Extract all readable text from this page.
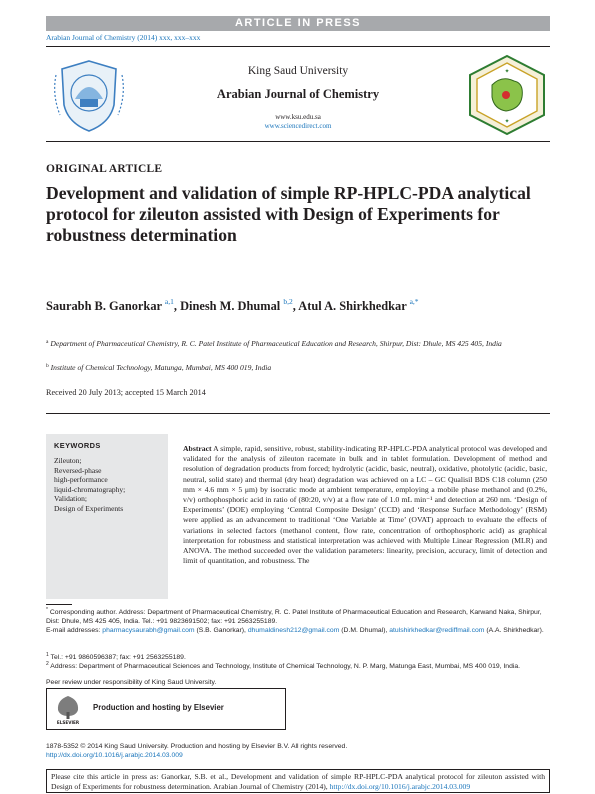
ARTICLE IN PRESS
Arabian Journal of Chemistry (2014) xxx, xxx–xxx
King Saud University
Arabian Journal of Chemistry
www.ksu.edu.sa
www.sciencedirect.com
✦
✦
ORIGINAL ARTICLE
Development and validation of simple RP-HPLC-PDA analytical protocol for zileuton assisted with Design of Experiments for robustness determination
Saurabh B. Ganorkar $^{a,1}$, Dinesh M. Dhumal $^{b,2}$, Atul A. Shirkhedkar $^{a,*}$
$^a$ Department of Pharmaceutical Chemistry, R. C. Patel Institute of Pharmaceutical Education and Research, Shirpur, Dist: Dhule, MS 425 405, India
$^b$ Institute of Chemical Technology, Matunga, Mumbai, MS 400 019, India
Received 20 July 2013; accepted 15 March 2014
KEYWORDS
Zileuton;
Reversed-phase
high-performance
liquid-chromatography;
Validation;
Design of Experiments
Abstract A simple, rapid, sensitive, robust, stability-indicating RP-HPLC-PDA analytical protocol was developed and validated for the analysis of zileuton racemate in bulk and in tablet formulation. Development of method and resolution of degradation products from forced; hydrolytic (acidic, basic, neutral), oxidative, photolytic (acidic, basic, neutral, solid state) and thermal (dry heat) degradation was achieved on a LC – GC Qualisil BDS C18 column (250 mm × 4.6 mm × 5 μm) by isocratic mode at ambient temperature, employing a mobile phase methanol and (0.2%, v/v) orthophosphoric acid in ratio of (80:20, v/v) at a flow rate of 1.0 mL min⁻¹ and detection at 260 nm. ‘Design of Experiments’ (DOE) employing ‘Central Composite Design’ (CCD) and ‘Response Surface Methodology’ (RSM) were applied as an advancement to traditional ‘One Variable at Time’ (OVAT) approach to evaluate the effects of variations in selected factors (methanol content, flow rate, concentration of orthophosphoric acid) as graphical interpretation for robustness and statistical interpretation was achieved with Multiple Linear Regression (MLR) and ANOVA. The method succeeded over the validation parameters: linearity, precision, accuracy, limit of detection and limit of quantitation, and robustness. The
* Corresponding author. Address: Department of Pharmaceutical Chemistry, R. C. Patel Institute of Pharmaceutical Education and Research, Karwand Naka, Shirpur, Dist: Dhule, MS 425 405, India. Tel.: +91 9823691502; fax: +91 2563255189.
E-mail addresses: pharmacysaurabh@gmail.com (S.B. Ganorkar), dhumaldinesh212@gmail.com (D.M. Dhumal), atulshirkhedkar@rediffmail.com (A.A. Shirkhedkar).
$^1$ Tel.: +91 9860596387; fax: +91 2563255189.
$^2$ Address: Department of Pharmaceutical Sciences and Technology, Institute of Chemical Technology, N. P. Marg, Matunga East, Mumbai, MS 400 019, India.
Peer review under responsibility of King Saud University.
ELSEVIER
Production and hosting by Elsevier
1878-5352 © 2014 King Saud University. Production and hosting by Elsevier B.V. All rights reserved.
http://dx.doi.org/10.1016/j.arabjc.2014.03.009
Please cite this article in press as: Ganorkar, S.B. et al., Development and validation of simple RP-HPLC-PDA analytical protocol for zileuton assisted with Design of Experiments for robustness determination. Arabian Journal of Chemistry (2014), http://dx.doi.org/10.1016/j.arabjc.2014.03.009
